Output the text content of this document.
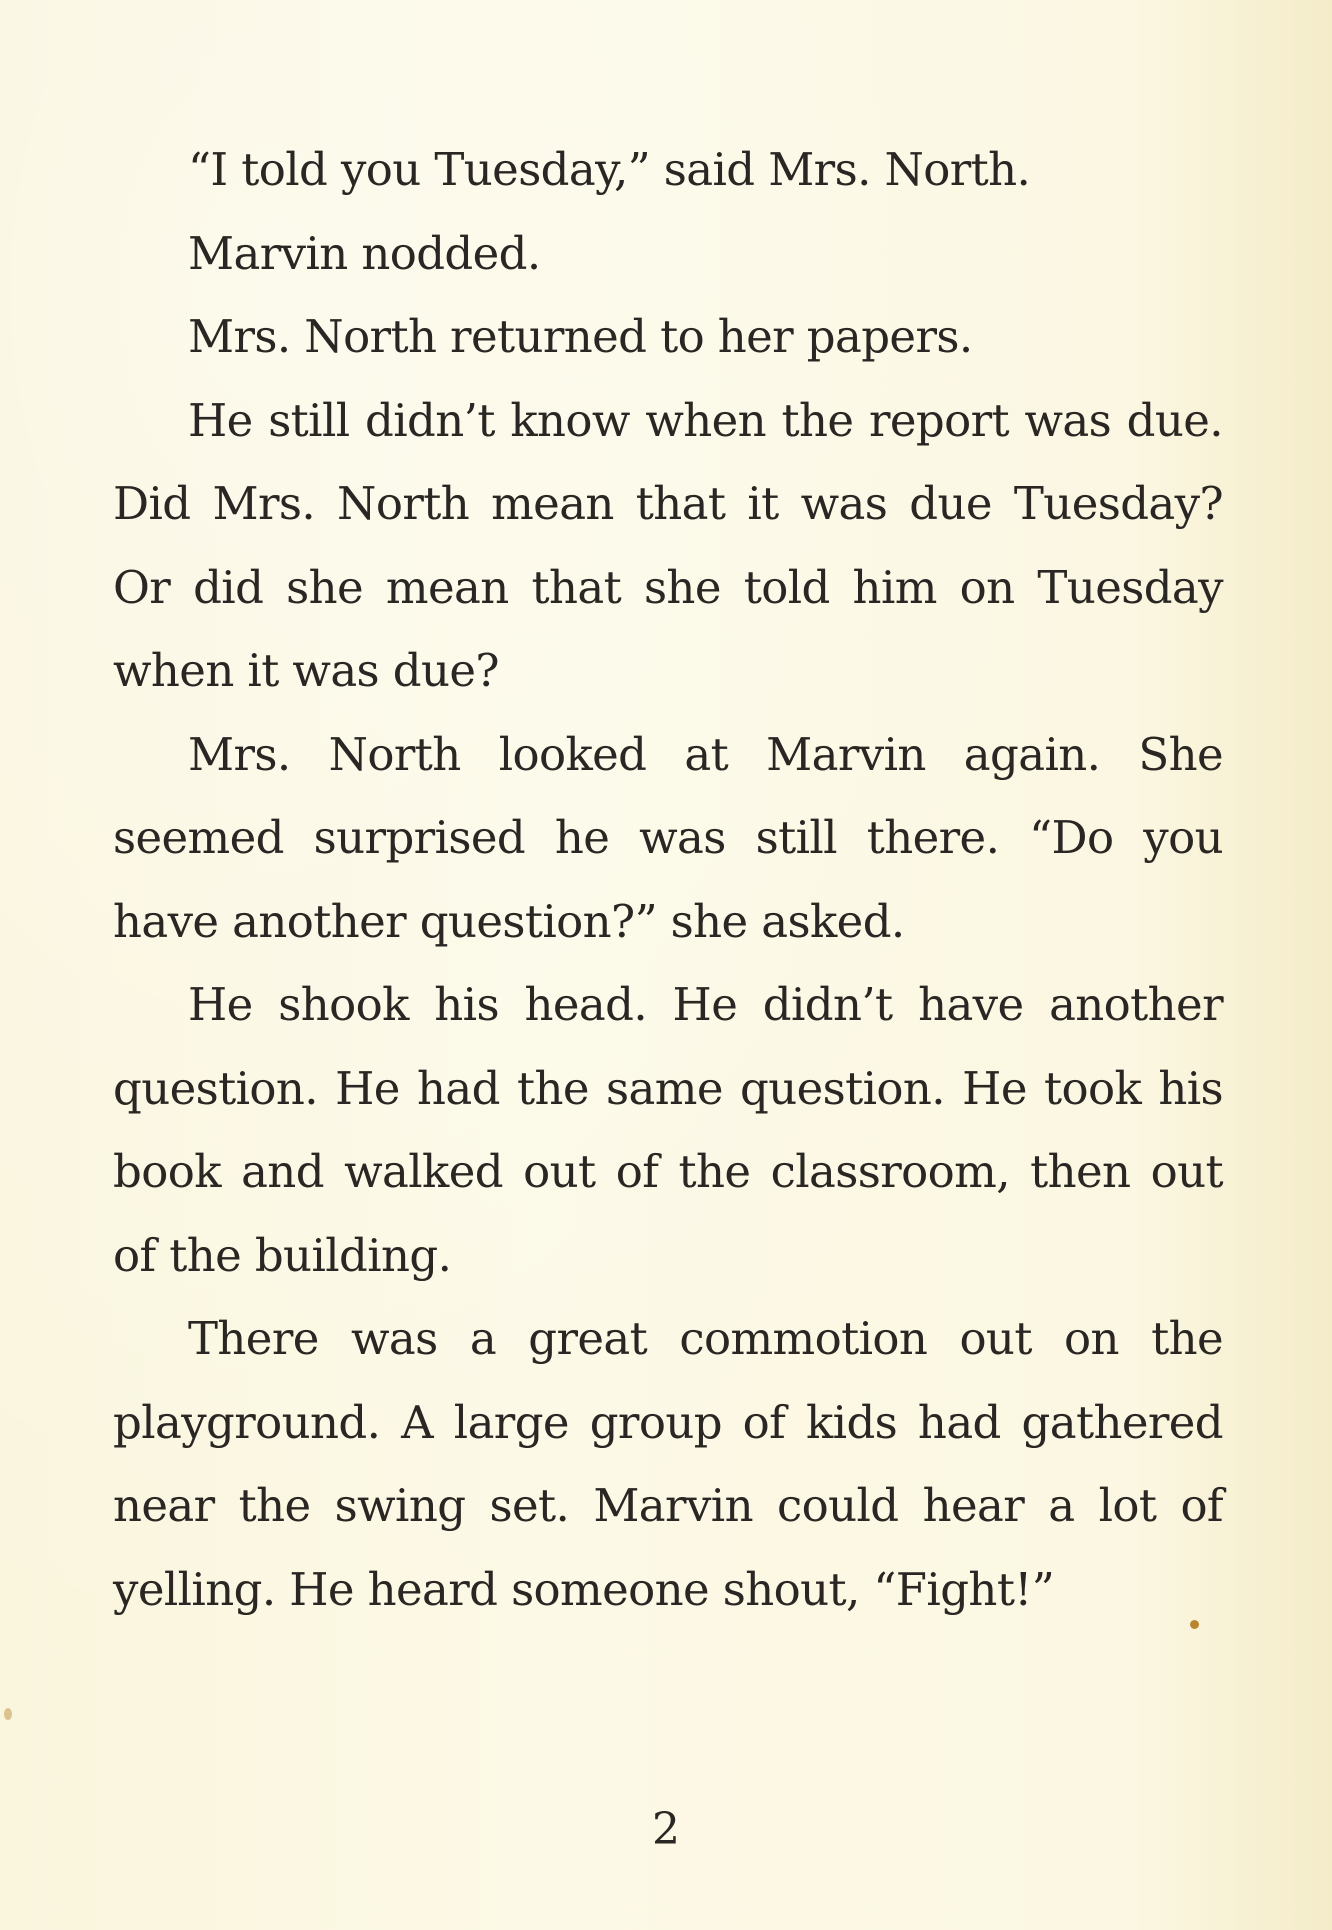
“I told you Tuesday,” said Mrs. North.

Marvin nodded.

Mrs. North returned to her papers.

He still didn’t know when the report was due. Did Mrs. North mean that it was due Tuesday? Or did she mean that she told him on Tuesday when it was due?

Mrs. North looked at Marvin again. She seemed surprised he was still there. “Do you have another question?” she asked.

He shook his head. He didn’t have another question. He had the same question. He took his book and walked out of the classroom, then out of the building.

There was a great commotion out on the playground. A large group of kids had gathered near the swing set. Marvin could hear a lot of yelling. He heard someone shout, “Fight!”

2
